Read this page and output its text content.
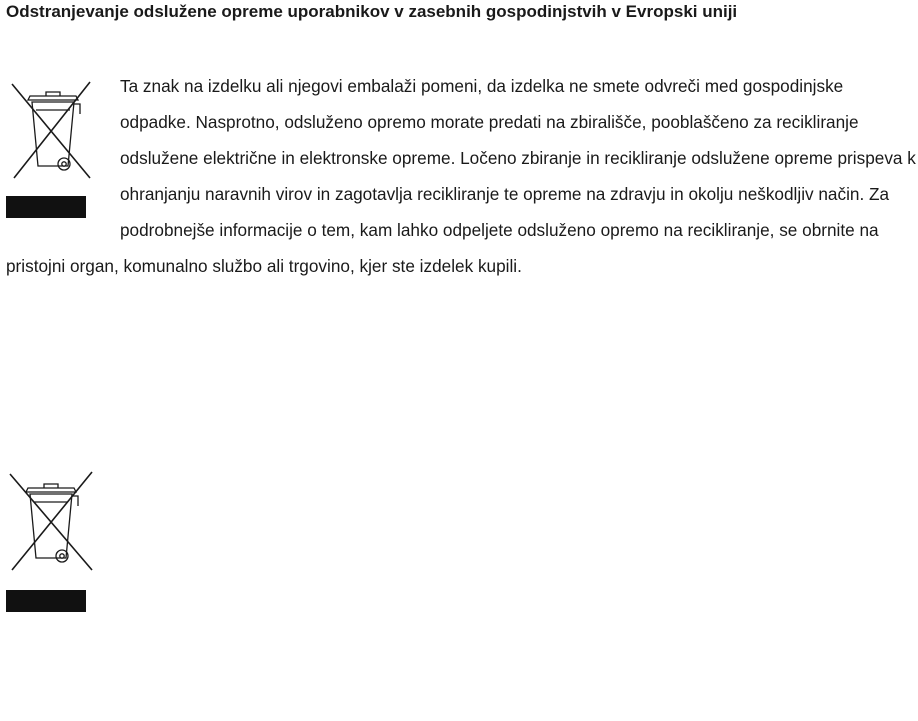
Odstranjevanje odslužene opreme uporabnikov v zasebnih gospodinjstvih v Evropski uniji

Ta znak na izdelku ali njegovi embalaži pomeni, da izdelka ne smete odvreči med gospodinjske odpadke. Nasprotno, odsluženo opremo morate predati na zbirališče, pooblaščeno za recikliranje odslužene električne in elektronske opreme. Ločeno zbiranje in recikliranje odslužene opreme prispeva k ohranjanju naravnih virov in zagotavlja recikliranje te opreme na zdravju in okolju neškodljiv način. Za podrobnejše informacije o tem, kam lahko odpeljete odsluženo opremo na recikliranje, se obrnite na pristojni organ, komunalno službo ali trgovino, kjer ste izdelek kupili.
